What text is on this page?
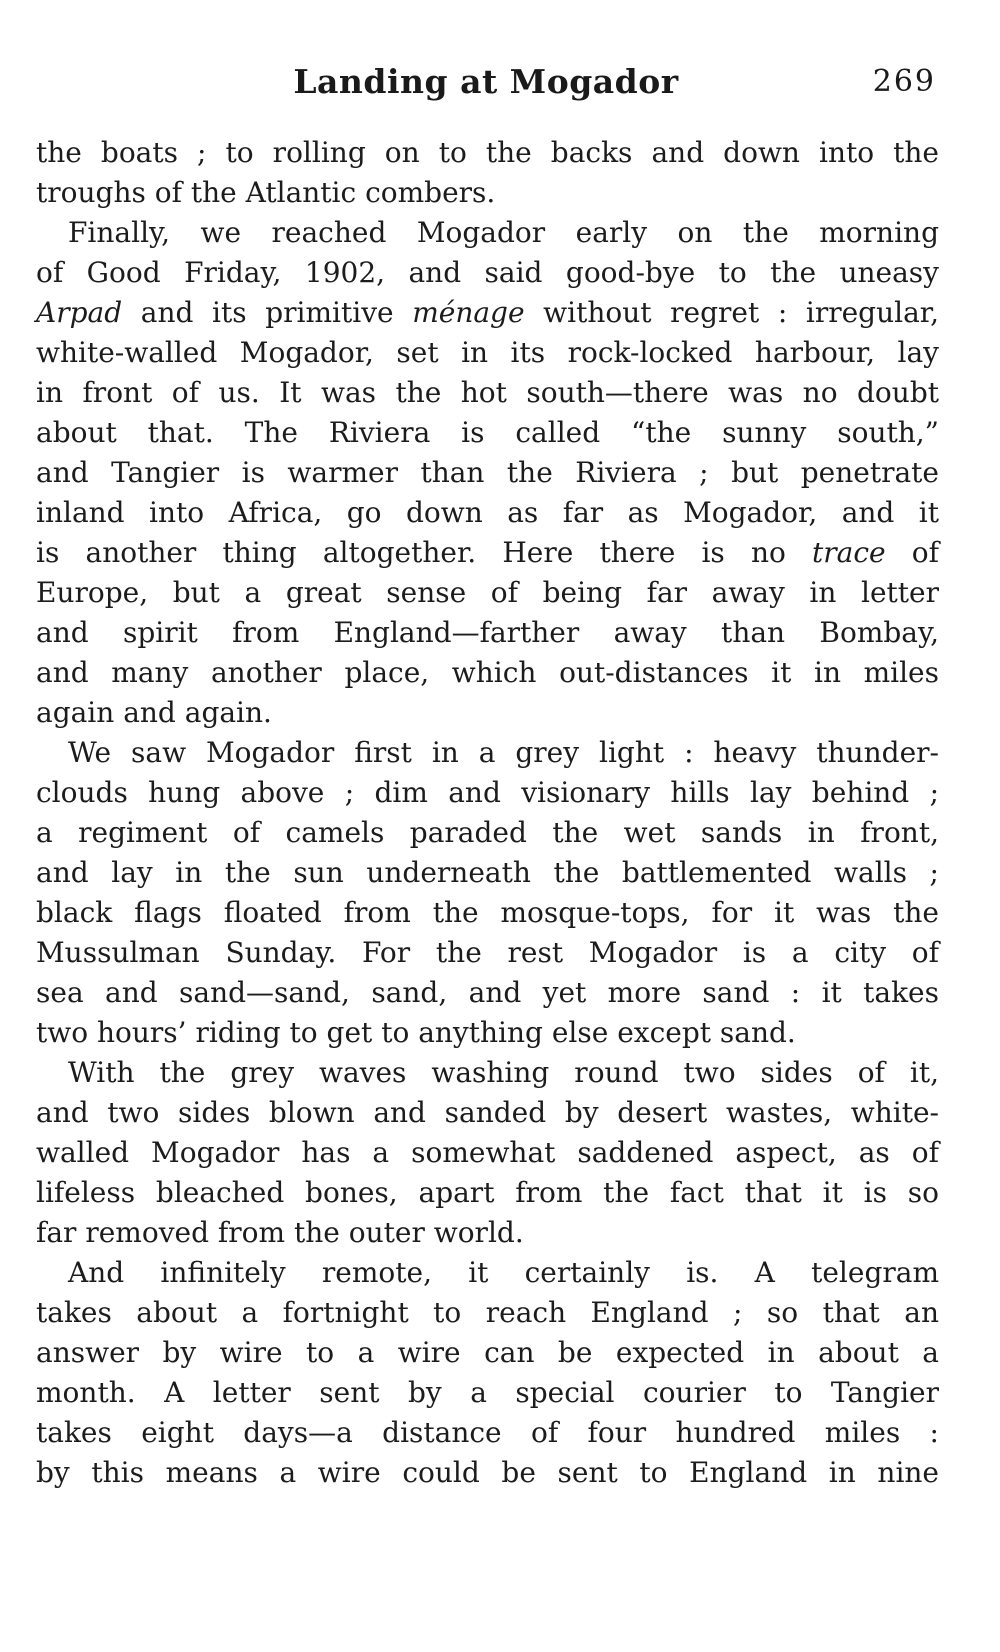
Landing at Mogador	269
the boats ; to rolling on to the backs and down into the
troughs of the Atlantic combers.
Finally, we reached Mogador early on the morning
of Good Friday, 1902, and said good-bye to the uneasy
Arpad and its primitive ménage without regret : irregular,
white-walled Mogador, set in its rock-locked harbour, lay
in front of us. It was the hot south—there was no doubt
about that. The Riviera is called “the sunny south,”
and Tangier is warmer than the Riviera ; but penetrate
inland into Africa, go down as far as Mogador, and it
is another thing altogether. Here there is no trace of
Europe, but a great sense of being far away in letter
and spirit from England—farther away than Bombay,
and many another place, which out-distances it in miles
again and again.
We saw Mogador first in a grey light : heavy thunder-
clouds hung above ; dim and visionary hills lay behind ;
a regiment of camels paraded the wet sands in front,
and lay in the sun underneath the battlemented walls ;
black flags floated from the mosque-tops, for it was the
Mussulman Sunday. For the rest Mogador is a city of
sea and sand—sand, sand, and yet more sand : it takes
two hours’ riding to get to anything else except sand.
With the grey waves washing round two sides of it,
and two sides blown and sanded by desert wastes, white-
walled Mogador has a somewhat saddened aspect, as of
lifeless bleached bones, apart from the fact that it is so
far removed from the outer world.
And infinitely remote, it certainly is. A telegram
takes about a fortnight to reach England ; so that an
answer by wire to a wire can be expected in about a
month. A letter sent by a special courier to Tangier
takes eight days—a distance of four hundred miles :
by this means a wire could be sent to England in nine
